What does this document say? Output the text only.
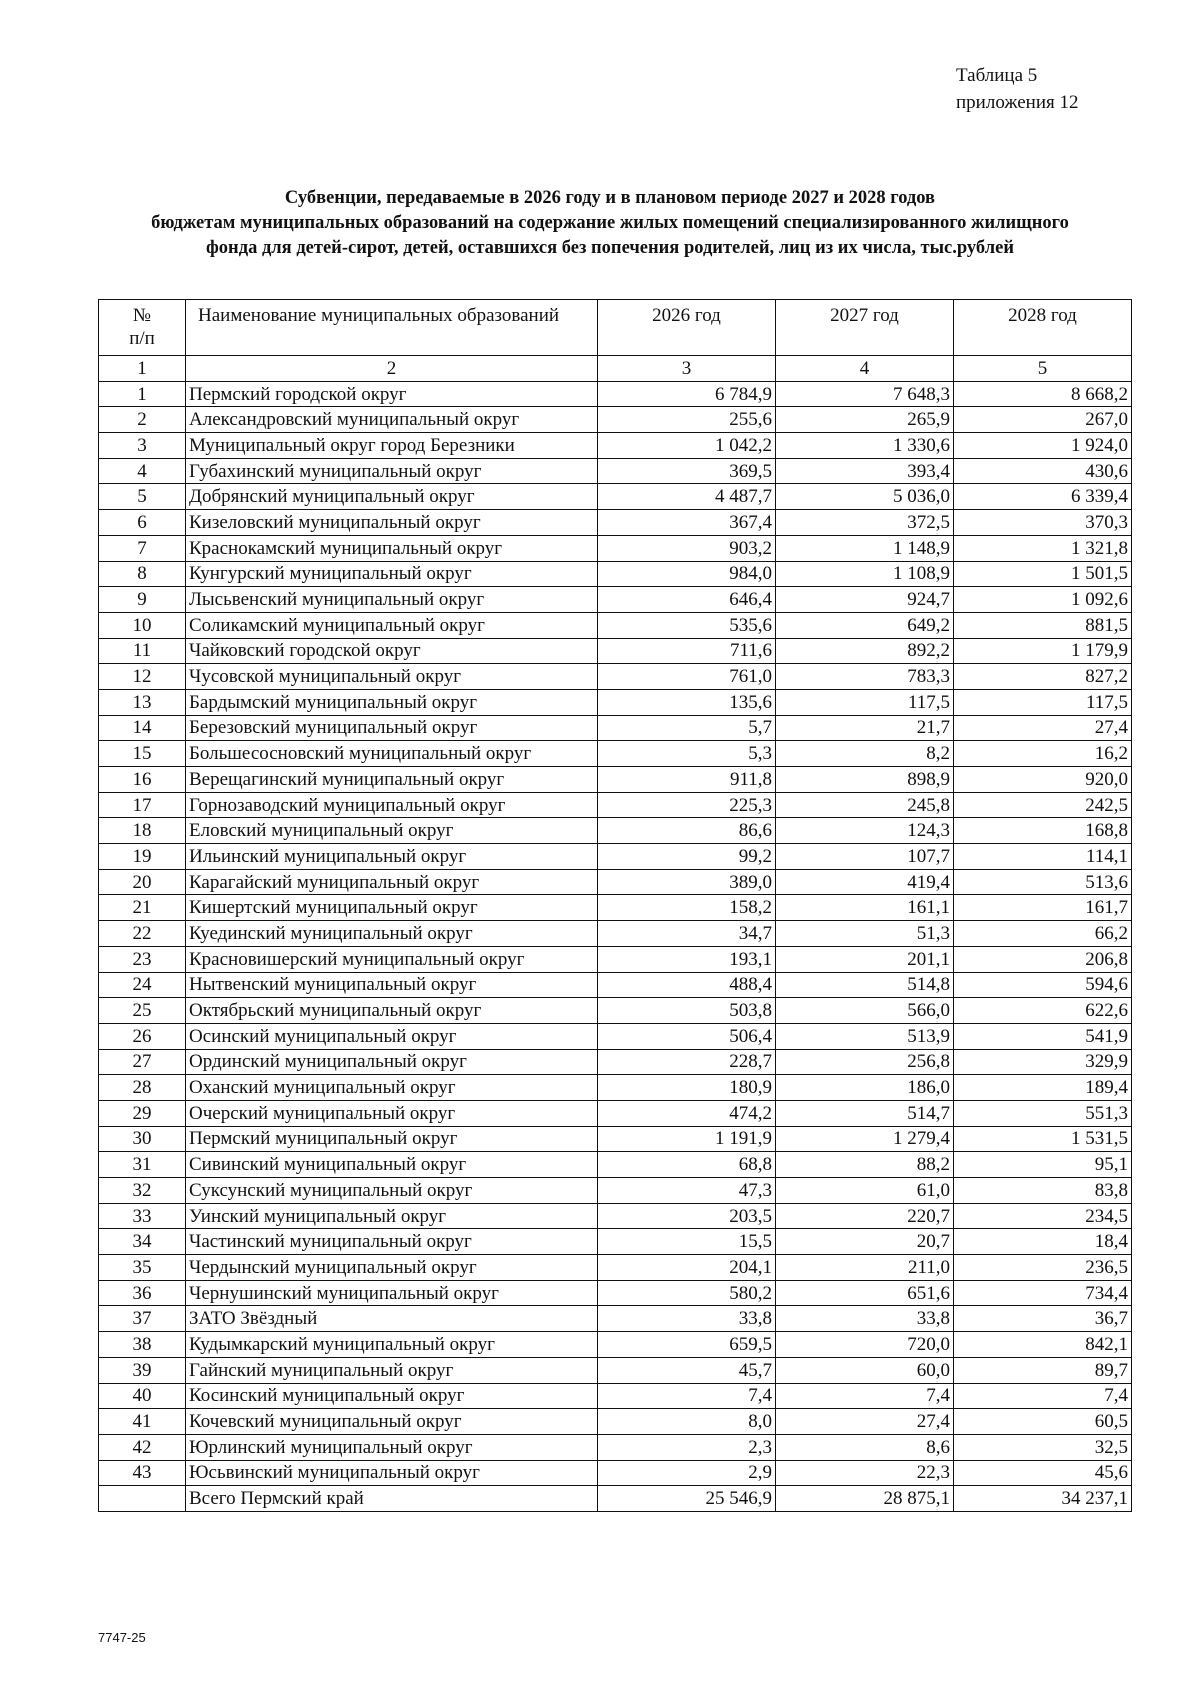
Таблица 5
приложения 12
Субвенции, передаваемые в 2026 году и в плановом периоде 2027 и 2028 годов
бюджетам муниципальных образований на содержание жилых помещений специализированного жилищного
фонда для детей-сирот, детей, оставшихся без попечения родителей, лиц из их числа, тыс.рублей
№
п/п	Наименование муниципальных образований	2026 год	2027 год	2028 год
1	2	3	4	5
1	Пермский городской округ	6 784,9	7 648,3	8 668,2
2	Александровский муниципальный округ	255,6	265,9	267,0
3	Муниципальный округ город Березники	1 042,2	1 330,6	1 924,0
4	Губахинский муниципальный округ	369,5	393,4	430,6
5	Добрянский муниципальный округ	4 487,7	5 036,0	6 339,4
6	Кизеловский муниципальный округ	367,4	372,5	370,3
7	Краснокамский муниципальный округ	903,2	1 148,9	1 321,8
8	Кунгурский муниципальный округ	984,0	1 108,9	1 501,5
9	Лысьвенский муниципальный округ	646,4	924,7	1 092,6
10	Соликамский муниципальный округ	535,6	649,2	881,5
11	Чайковский городской округ	711,6	892,2	1 179,9
12	Чусовской муниципальный округ	761,0	783,3	827,2
13	Бардымский муниципальный округ	135,6	117,5	117,5
14	Березовский муниципальный округ	5,7	21,7	27,4
15	Большесосновский муниципальный округ	5,3	8,2	16,2
16	Верещагинский муниципальный округ	911,8	898,9	920,0
17	Горнозаводский муниципальный округ	225,3	245,8	242,5
18	Еловский муниципальный округ	86,6	124,3	168,8
19	Ильинский муниципальный округ	99,2	107,7	114,1
20	Карагайский муниципальный округ	389,0	419,4	513,6
21	Кишертский муниципальный округ	158,2	161,1	161,7
22	Куединский муниципальный округ	34,7	51,3	66,2
23	Красновишерский муниципальный округ	193,1	201,1	206,8
24	Нытвенский муниципальный округ	488,4	514,8	594,6
25	Октябрьский муниципальный округ	503,8	566,0	622,6
26	Осинский муниципальный округ	506,4	513,9	541,9
27	Ординский муниципальный округ	228,7	256,8	329,9
28	Оханский муниципальный округ	180,9	186,0	189,4
29	Очерский муниципальный округ	474,2	514,7	551,3
30	Пермский муниципальный округ	1 191,9	1 279,4	1 531,5
31	Сивинский муниципальный округ	68,8	88,2	95,1
32	Суксунский муниципальный округ	47,3	61,0	83,8
33	Уинский муниципальный округ	203,5	220,7	234,5
34	Частинский муниципальный округ	15,5	20,7	18,4
35	Чердынский муниципальный округ	204,1	211,0	236,5
36	Чернушинский муниципальный округ	580,2	651,6	734,4
37	ЗАТО Звёздный	33,8	33,8	36,7
38	Кудымкарский муниципальный округ	659,5	720,0	842,1
39	Гайнский муниципальный округ	45,7	60,0	89,7
40	Косинский муниципальный округ	7,4	7,4	7,4
41	Кочевский муниципальный округ	8,0	27,4	60,5
42	Юрлинский муниципальный округ	2,3	8,6	32,5
43	Юсьвинский муниципальный округ	2,9	22,3	45,6
	Всего Пермский край	25 546,9	28 875,1	34 237,1
7747-25
